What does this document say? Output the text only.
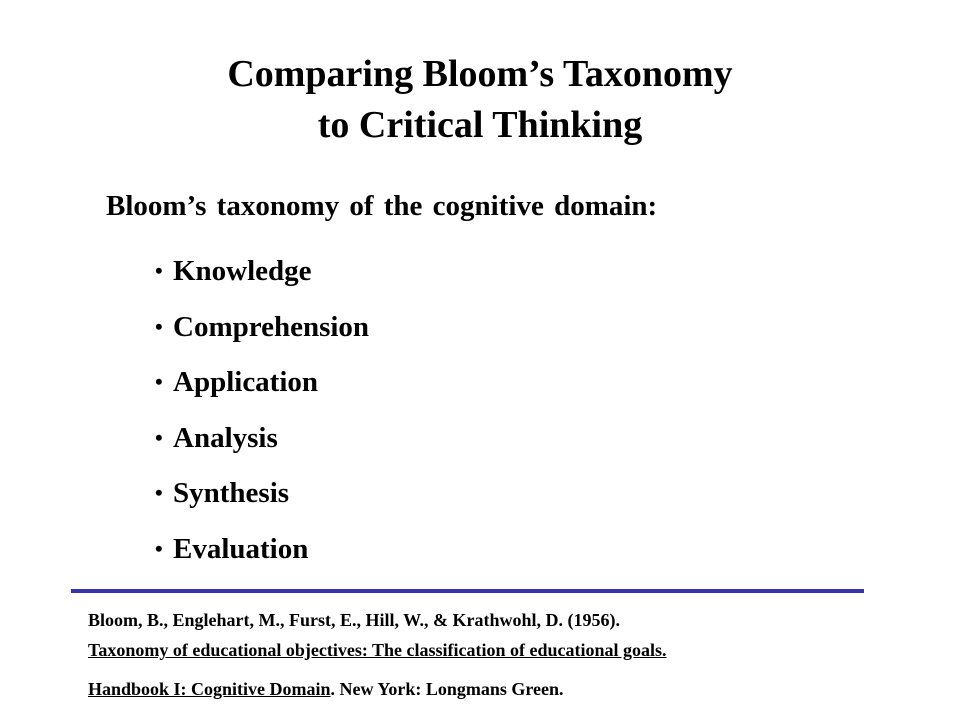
Comparing Bloom’s Taxonomy
to Critical Thinking
Bloom’s taxonomy of the cognitive domain:
• Knowledge
• Comprehension
• Application
• Analysis
• Synthesis
• Evaluation
Bloom, B., Englehart, M., Furst, E., Hill, W., & Krathwohl, D. (1956).
Taxonomy of educational objectives: The classification of educational goals.
Handbook I: Cognitive Domain. New York: Longmans Green.
